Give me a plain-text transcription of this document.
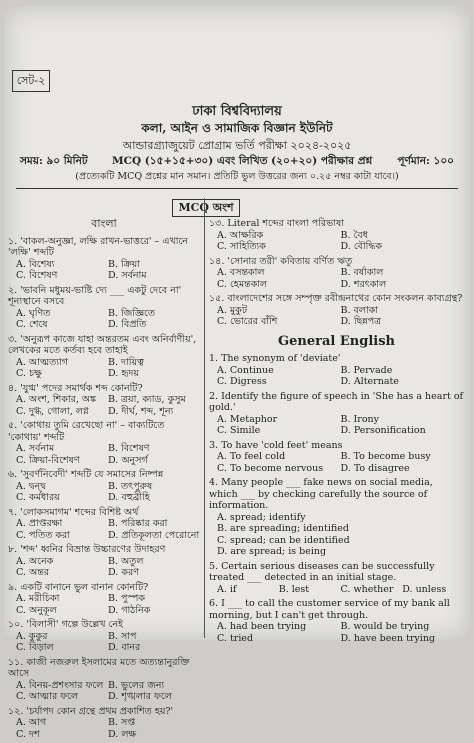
সেট-২
ঢাকা বিশ্ববিদ্যালয়
কলা, আইন ও সামাজিক বিজ্ঞান ইউনিট
আন্ডারগ্র্যাজুয়েট প্রোগ্রাম ভর্তি পরীক্ষা ২০২৪-২০২৫
সময়: ৯০ মিনিট MCQ (১৫+১৫+৩০) এবং লিখিত (২০+২০) পরীক্ষার প্রশ্ন পূর্ণমান: ১০০
(প্রত্যেকটি MCQ প্রশ্নের মান সমান। প্রতিটি ভুল উত্তরের জন্য ০.২৫ নম্বর কাটা যাবে।)
MCQ অংশ
বাংলা
১. 'বাকল-অনুজ্ঞা, লক্ষি রাখন-ভাত্তরে' – এখানে 'লক্ষি' শব্দটি
A. বিশেষ্য	B. ক্রিয়া
C. বিশেষণ	D. সর্বনাম
২. 'ভাবনি মধুময়-ভাষ্টি দ্যে ___ একটু দেবে না' শূন্যস্থানে বসবে
A. ঘৃণিত	B. জিজ্ঞিতে
C. শেষে	D. বিপ্রতি
৩. 'অনুরূপ কাজে যাহা অন্তরতম এবং অনির্বাণীয়', লেখকের মতে কর্তব্য হবে তাহাই
A. আত্মত্যাগ	B. দায়িত্ব
C. চক্ষু	D. হৃদয়
৪. 'যুগ্ম' পদের সমার্থক শব্দ কোনটি?
A. অংশ, শিকার, অঙ্ক	B. ত্রয়া, ক্যাড, কুসুম
C. দুগ্ধ, গোলা, লগ্ন	D. দীর্ঘ, শব্দ, শূন্য
৫. 'কোথায় তুমি রেখেছো না' – বাক্যটিতে 'কোথায়' শব্দটি
A. সর্বনাম	B. বিশেষণ
C. ক্রিয়া-বিশেষণ	D. অনুসর্গ
৬. 'সুবর্ণনিবেদী' শব্দটি যে সমাসের নিষ্পন্ন
A. দ্বন্দ্ব	B. তৎপুরুষ
C. কর্মধারয়	D. বহুব্রীহি
৭. 'লোকসমাগম' শব্দের বিশিষ্ট অর্থ
A. প্রাপ্তরক্ষা	B. পরিষ্কার করা
C. পতিত করা	D. প্রতিকূলতা পেরোনো
৮. 'শব্দ' ধ্বনির বিভ্রান্ত উচ্চারণের উদাহরণ
A. অনেক	B. অতুল
C. অন্তর	D. করণ
৯. একটি বানানে ভুল বানান কোনটি?
A. মরীচিকা	B. পুস্পক
C. অনুকূল	D. গাঠনিক
১০. 'বিলাসী' গল্পে উল্লেখ নেই
A. কুকুর	B. সাপ
C. বিড়াল	D. বানর
১১. কাজী নজরুল ইসলামের মতে অত্যন্তানুরক্তি আসে
A. বিনয়-প্রশংসার ফলে B. ভুলের জন্য
C. আত্মার ফলে	D. শৃঙ্খলার ফলে
১২. 'চর্যাপদ কোন গ্রন্থে প্রথম প্রকাশিত হয়?'
A. আগ	B. সপ্ত
C. দশ	D. লক্ষ
১৩. Literal শব্দের বাংলা পরিভাষা
A. আক্ষরিক	B. বৈধ
C. সাহিত্যিক	D. বৌদ্ধিক
১৪. 'সোনার তরী' কবিতায় বর্ণিত ঋতু
A. বসন্তকাল	B. বর্ষাকাল
C. হেমন্তকাল	D. শরৎকাল
১৫. বাংলাদেশের সঙ্গে সম্পৃক্ত রবীন্দ্রনাথের কোন সংকলন কাব্যগ্রন্থ?
A. মুকুট	B. বলাকা
C. ভোরের বাঁশি	D. ছিন্নপত্র
General English
1. The synonym of 'deviate'
A. Continue	B. Pervade
C. Digress	D. Alternate
2. Identify the figure of speech in 'She has a heart of gold.'
A. Metaphor	B. Irony
C. Simile	D. Personification
3. To have 'cold feet' means
A. To feel cold	B. To become busy
C. To become nervous	D. To disagree
4. Many people ___ fake news on social media, which ___ by checking carefully the source of information.
A. spread; identify
B. are spreading; identified
C. spread; can be identified
D. are spread; is being
5. Certain serious diseases can be successfully treated ___ detected in an initial stage.
A. if	B. lest	C. whether D. unless
6. I ___ to call the customer service of my bank all morning, but I can't get through.
A. had been trying	B. would be trying
C. tried	D. have been trying
